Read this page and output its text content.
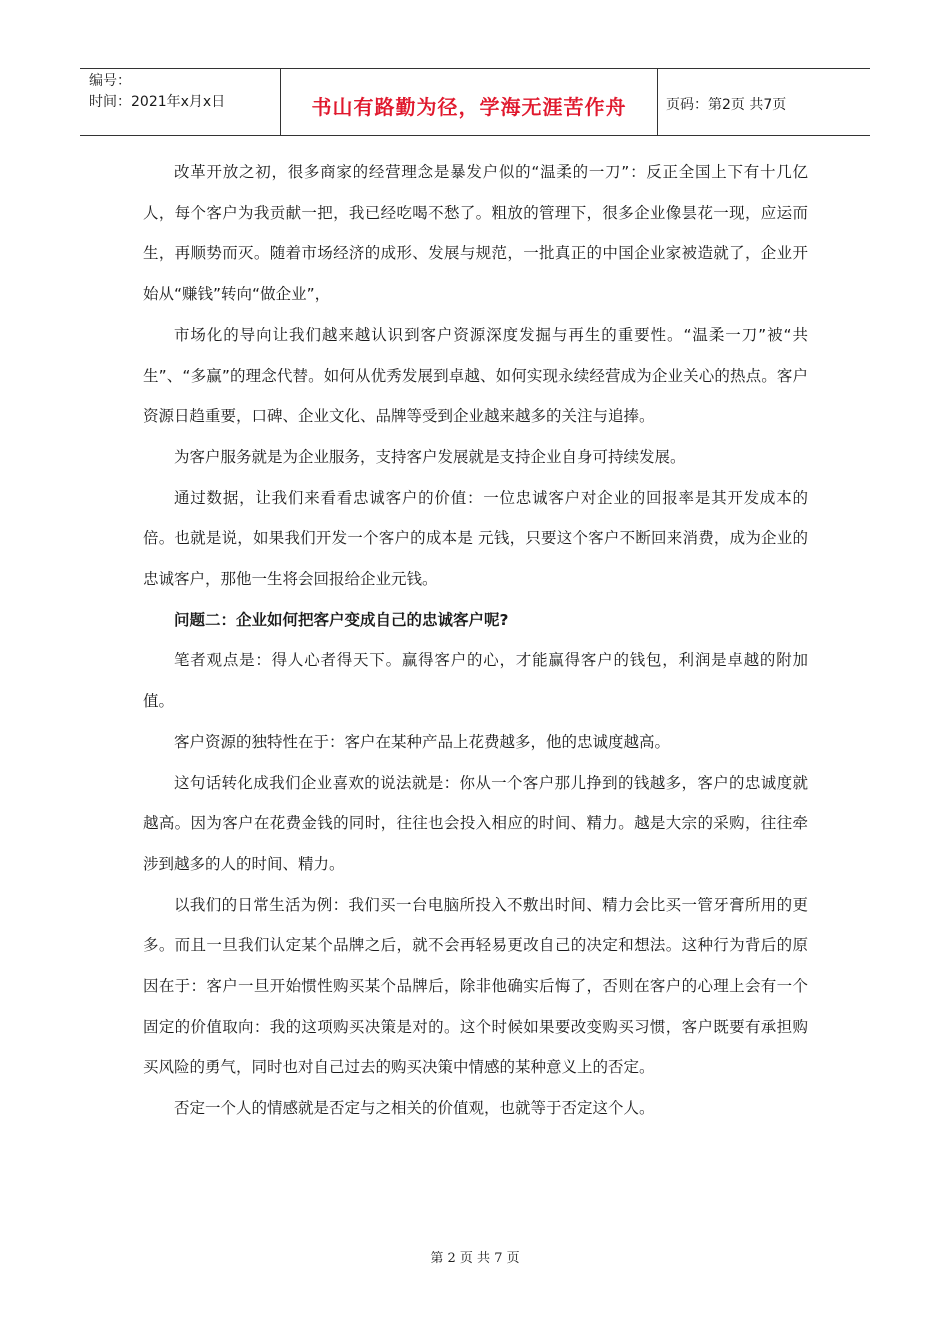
编号：
时间：2021年x月x日	书山有路勤为径，学海无涯苦作舟	页码：第2页 共7页

改革开放之初，很多商家的经营理念是暴发户似的“温柔的一刀”：反正全国上下有十几亿人，每个客户为我贡献一把，我已经吃喝不愁了。粗放的管理下，很多企业像昙花一现，应运而生，再顺势而灭。随着市场经济的成形、发展与规范，一批真正的中国企业家被造就了，企业开始从“赚钱”转向“做企业”，

市场化的导向让我们越来越认识到客户资源深度发掘与再生的重要性。“温柔一刀”被“共生”、“多赢”的理念代替。如何从优秀发展到卓越、如何实现永续经营成为企业关心的热点。客户资源日趋重要，口碑、企业文化、品牌等受到企业越来越多的关注与追捧。

为客户服务就是为企业服务，支持客户发展就是支持企业自身可持续发展。

通过数据，让我们来看看忠诚客户的价值：一位忠诚客户对企业的回报率是其开发成本的倍。也就是说，如果我们开发一个客户的成本是 元钱，只要这个客户不断回来消费，成为企业的忠诚客户，那他一生将会回报给企业元钱。

问题二：企业如何把客户变成自己的忠诚客户呢?

笔者观点是：得人心者得天下。赢得客户的心，才能赢得客户的钱包，利润是卓越的附加值。

客户资源的独特性在于：客户在某种产品上花费越多，他的忠诚度越高。

这句话转化成我们企业喜欢的说法就是：你从一个客户那儿挣到的钱越多，客户的忠诚度就越高。因为客户在花费金钱的同时，往往也会投入相应的时间、精力。越是大宗的采购，往往牵涉到越多的人的时间、精力。

以我们的日常生活为例：我们买一台电脑所投入不敷出时间、精力会比买一管牙膏所用的更多。而且一旦我们认定某个品牌之后，就不会再轻易更改自己的决定和想法。这种行为背后的原因在于：客户一旦开始惯性购买某个品牌后，除非他确实后悔了，否则在客户的心理上会有一个固定的价值取向：我的这项购买决策是对的。这个时候如果要改变购买习惯，客户既要有承担购买风险的勇气，同时也对自己过去的购买决策中情感的某种意义上的否定。

否定一个人的情感就是否定与之相关的价值观，也就等于否定这个人。

第 2 页 共 7 页
